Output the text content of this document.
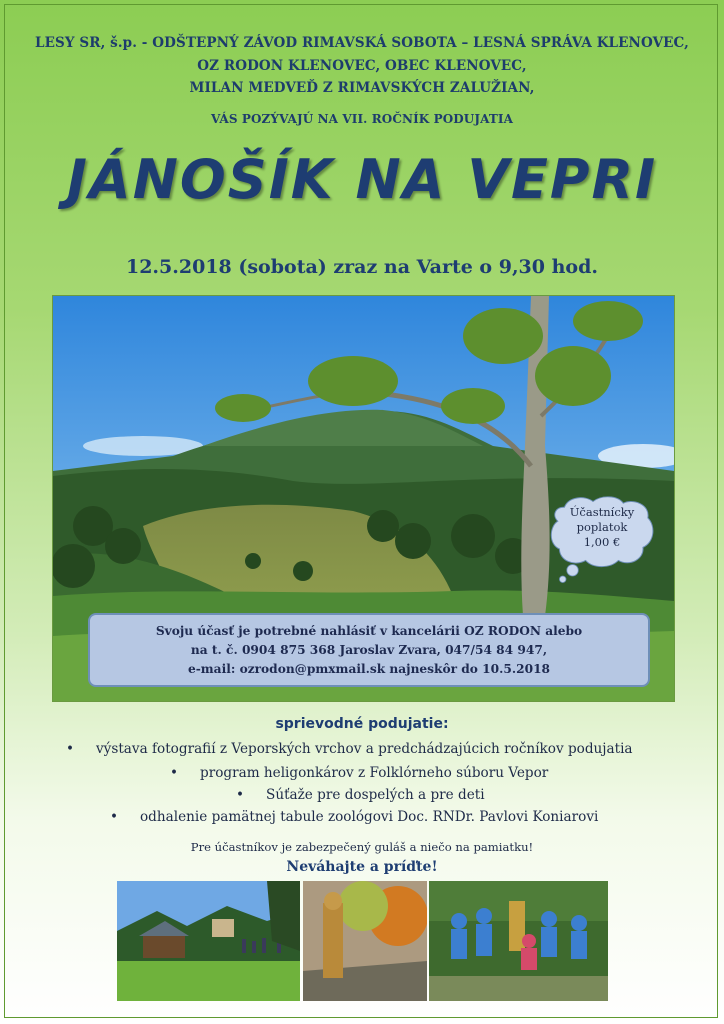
LESY SR, š.p. - ODŠTEPNÝ ZÁVOD RIMAVSKÁ SOBOTA – LESNÁ SPRÁVA KLENOVEC,
OZ RODON KLENOVEC, OBEC KLENOVEC,
MILAN MEDVEĎ Z RIMAVSKÝCH ZALUŽIAN,
VÁS POZÝVAJÚ NA VII. ROČNÍK PODUJATIA
JÁNOŠÍK NA VEPRI
12.5.2018 (sobota) zraz na Varte o 9,30 hod.
Účastnícky
poplatok
1,00 €
Svoju účasť je potrebné nahlásiť v kancelárii OZ RODON alebo
na t. č. 0904 875 368 Jaroslav Zvara, 047/54 84 947,
e-mail: ozrodon@pmxmail.sk najneskôr do 10.5.2018
sprievodné podujatie:
• výstava fotografií z Veporských vrchov a predchádzajúcich ročníkov podujatia
• program heligonkárov z Folklórneho súboru Vepor
• Súťaže pre dospelých a pre deti
• odhalenie pamätnej tabule zoológovi Doc. RNDr. Pavlovi Koniarovi
Pre účastníkov je zabezpečený guláš a niečo na pamiatku!
Neváhajte a príďte!
